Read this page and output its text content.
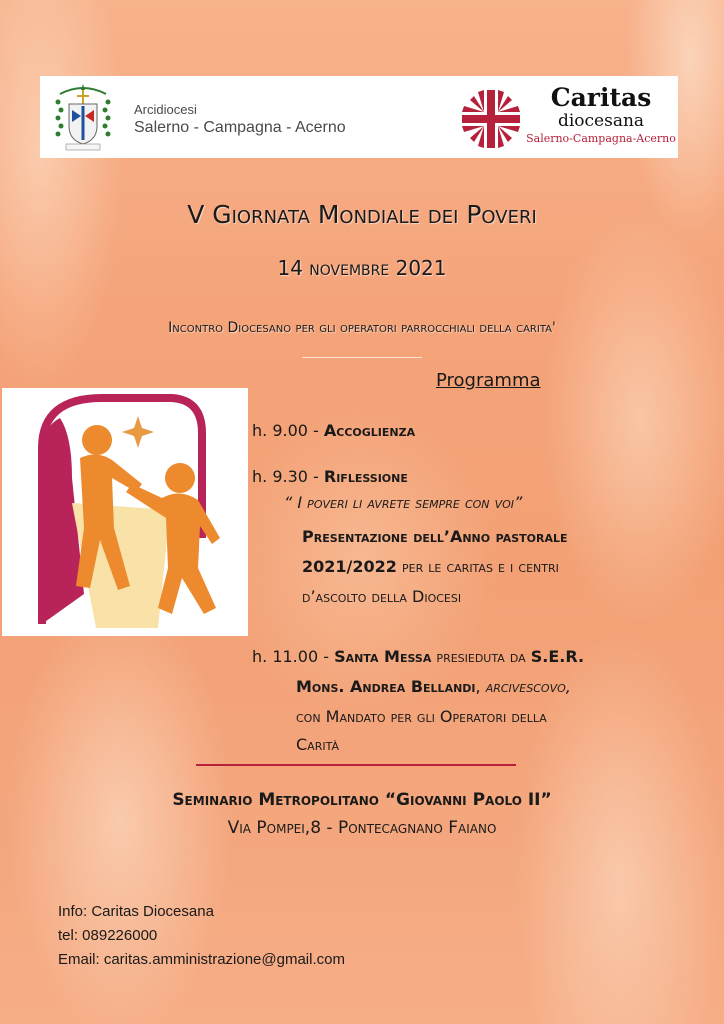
Arcidiocesi
Salerno - Campagna - Acerno
Caritas
diocesana
Salerno-Campagna-Acerno
V Giornata Mondiale dei Poveri
14 novembre 2021
Incontro Diocesano per gli operatori parrocchiali della carita'
Programma
h. 9.00 - Accoglienza
h. 9.30 - Riflessione
“ I poveri li avrete sempre con voi”
Presentazione dell’Anno pastorale
2021/2022 per le caritas e i centri
d’ascolto della Diocesi
h. 11.00 - Santa Messa presieduta da S.E.R.
Mons. Andrea Bellandi, arcivescovo,
con Mandato per gli Operatori della
Carità
Seminario Metropolitano “Giovanni Paolo II”
Via Pompei,8 - Pontecagnano Faiano
Info: Caritas Diocesana
tel: 089226000
Email: caritas.amministrazione@gmail.com
